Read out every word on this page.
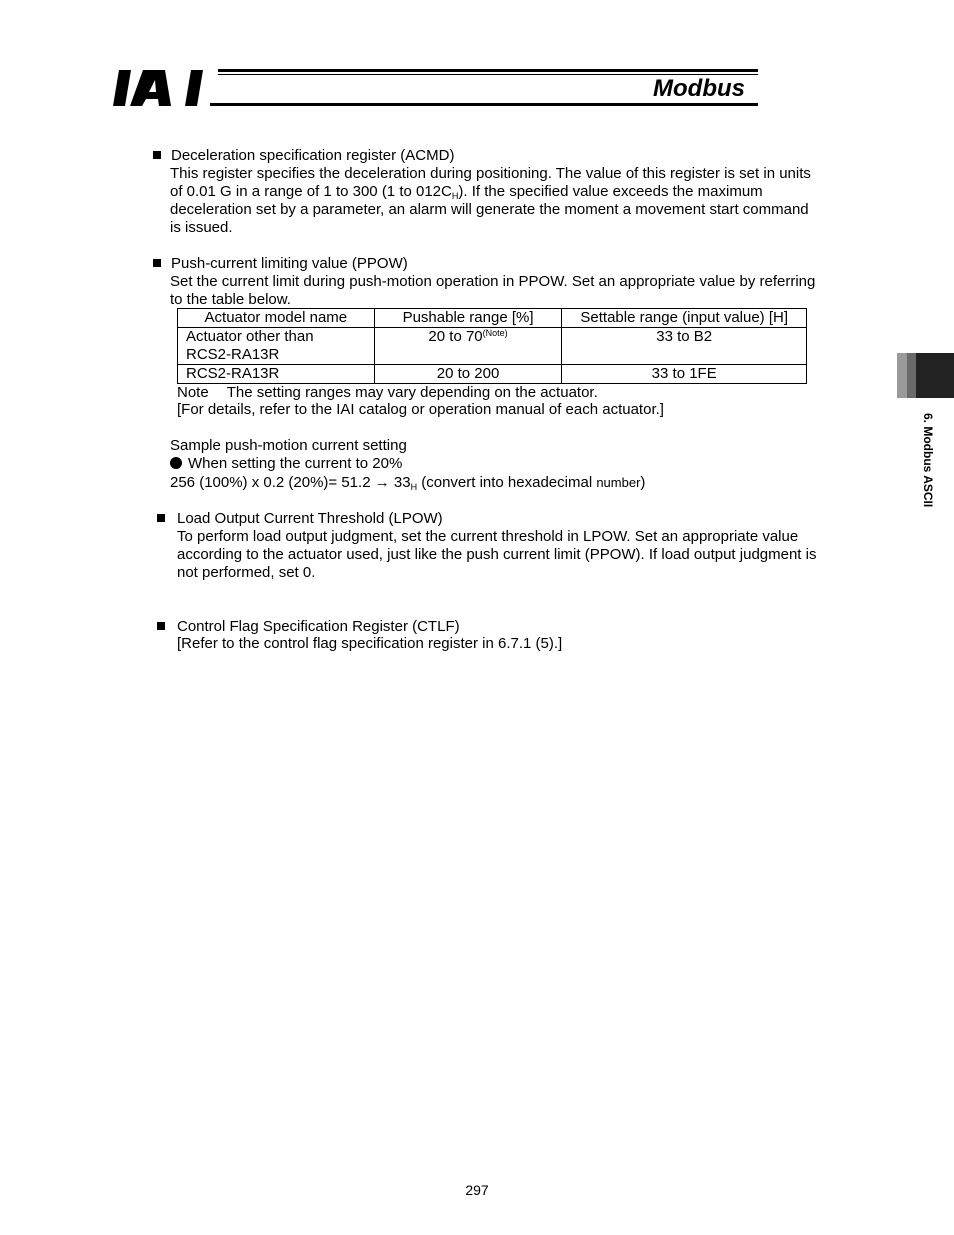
Modbus
6. Modbus ASCII
Deceleration specification register (ACMD)
This register specifies the deceleration during positioning. The value of this register is set in units
of 0.01 G in a range of 1 to 300 (1 to $012C_H$). If the specified value exceeds the maximum
deceleration set by a parameter, an alarm will generate the moment a movement start command
is issued.
Push-current limiting value (PPOW)
Set the current limit during push-motion operation in PPOW. Set an appropriate value by referring
to the table below.
Actuator model name	Pushable range [%]	Settable range (input value) [H]
Actuator other than
RCS2-RA13R	20 to $70^{(Note)}$	33 to B2
RCS2-RA13R	20 to 200	33 to 1FE
Note The setting ranges may vary depending on the actuator.
[For details, refer to the IAI catalog or operation manual of each actuator.]
Sample push-motion current setting
When setting the current to 20%
256 (100%) x 0.2 $(20\%)= 51.2 \to 33_H$ (convert into hexadecimal number)
Load Output Current Threshold (LPOW)
To perform load output judgment, set the current threshold in LPOW. Set an appropriate value
according to the actuator used, just like the push current limit (PPOW). If load output judgment is
not performed, set 0.
Control Flag Specification Register (CTLF)
[Refer to the control flag specification register in 6.7.1 (5).]
297
